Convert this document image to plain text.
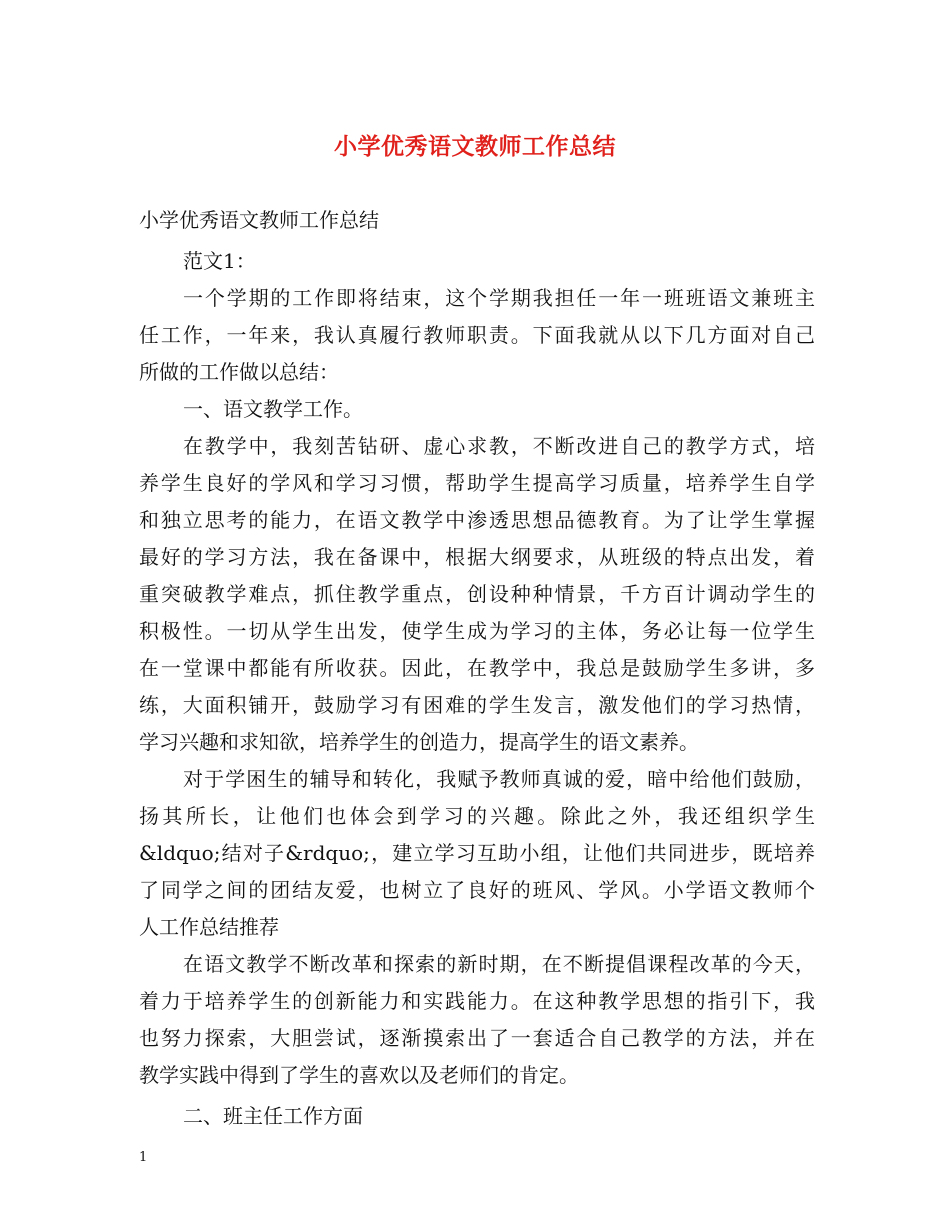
小学优秀语文教师工作总结
小学优秀语文教师工作总结
范文1：
一个学期的工作即将结束，这个学期我担任一年一班班语文兼班主
任工作，一年来，我认真履行教师职责。下面我就从以下几方面对自己
所做的工作做以总结：
一、语文教学工作。
在教学中，我刻苦钻研、虚心求教，不断改进自己的教学方式，培
养学生良好的学风和学习习惯，帮助学生提高学习质量，培养学生自学
和独立思考的能力，在语文教学中渗透思想品德教育。为了让学生掌握
最好的学习方法，我在备课中，根据大纲要求，从班级的特点出发，着
重突破教学难点，抓住教学重点，创设种种情景，千方百计调动学生的
积极性。一切从学生出发，使学生成为学习的主体，务必让每一位学生
在一堂课中都能有所收获。因此，在教学中，我总是鼓励学生多讲，多
练，大面积铺开，鼓励学习有困难的学生发言，激发他们的学习热情，
学习兴趣和求知欲，培养学生的创造力，提高学生的语文素养。
对于学困生的辅导和转化，我赋予教师真诚的爱，暗中给他们鼓励，
扬其所长，让他们也体会到学习的兴趣。除此之外，我还组织学生
&ldquo;结对子&rdquo;，建立学习互助小组，让他们共同进步，既培养
了同学之间的团结友爱，也树立了良好的班风、学风。小学语文教师个
人工作总结推荐
在语文教学不断改革和探索的新时期，在不断提倡课程改革的今天，
着力于培养学生的创新能力和实践能力。在这种教学思想的指引下，我
也努力探索，大胆尝试，逐渐摸索出了一套适合自己教学的方法，并在
教学实践中得到了学生的喜欢以及老师们的肯定。
二、班主任工作方面
1
